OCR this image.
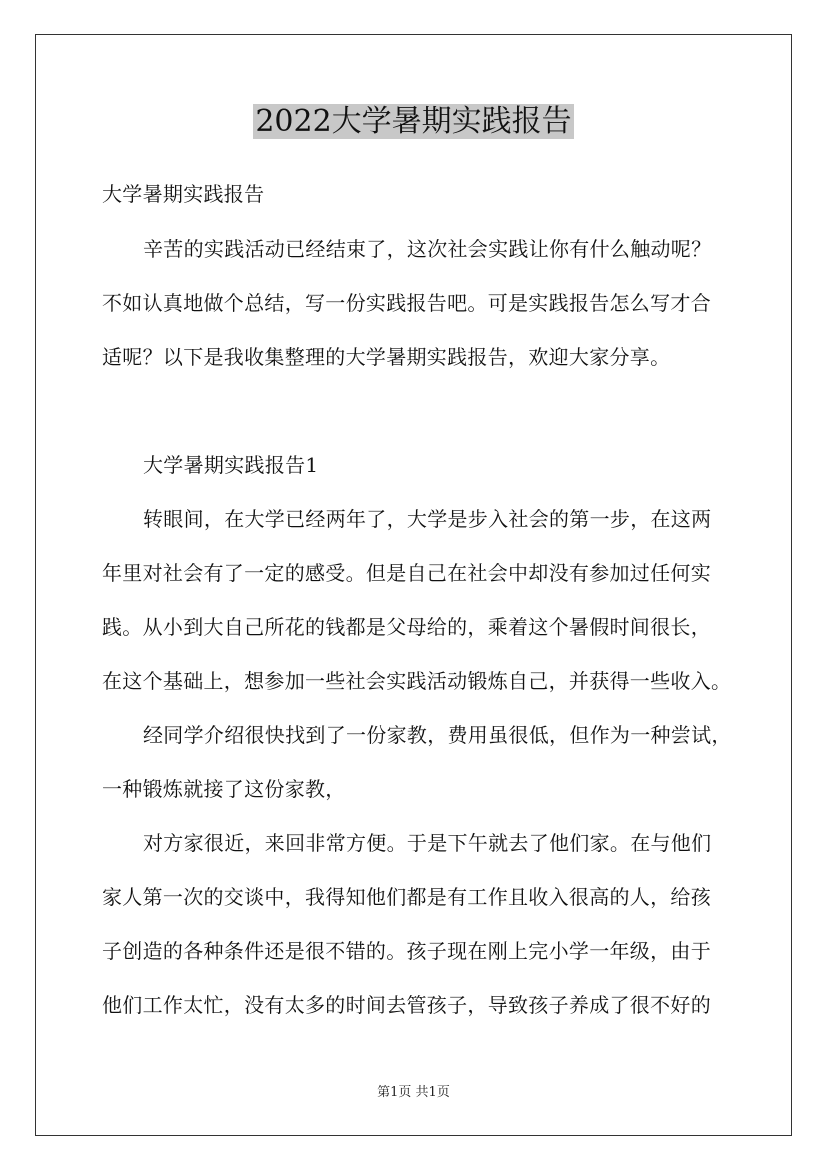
2022大学暑期实践报告

大学暑期实践报告

辛苦的实践活动已经结束了，这次社会实践让你有什么触动呢？

不如认真地做个总结，写一份实践报告吧。可是实践报告怎么写才合

适呢？以下是我收集整理的大学暑期实践报告，欢迎大家分享。

大学暑期实践报告1

转眼间，在大学已经两年了，大学是步入社会的第一步，在这两

年里对社会有了一定的感受。但是自己在社会中却没有参加过任何实

践。从小到大自己所花的钱都是父母给的，乘着这个暑假时间很长，

在这个基础上，想参加一些社会实践活动锻炼自己，并获得一些收入。

经同学介绍很快找到了一份家教，费用虽很低，但作为一种尝试，

一种锻炼就接了这份家教，

对方家很近，来回非常方便。于是下午就去了他们家。在与他们

家人第一次的交谈中，我得知他们都是有工作且收入很高的人，给孩

子创造的各种条件还是很不错的。孩子现在刚上完小学一年级，由于

他们工作太忙，没有太多的时间去管孩子，导致孩子养成了很不好的

第1页 共1页
